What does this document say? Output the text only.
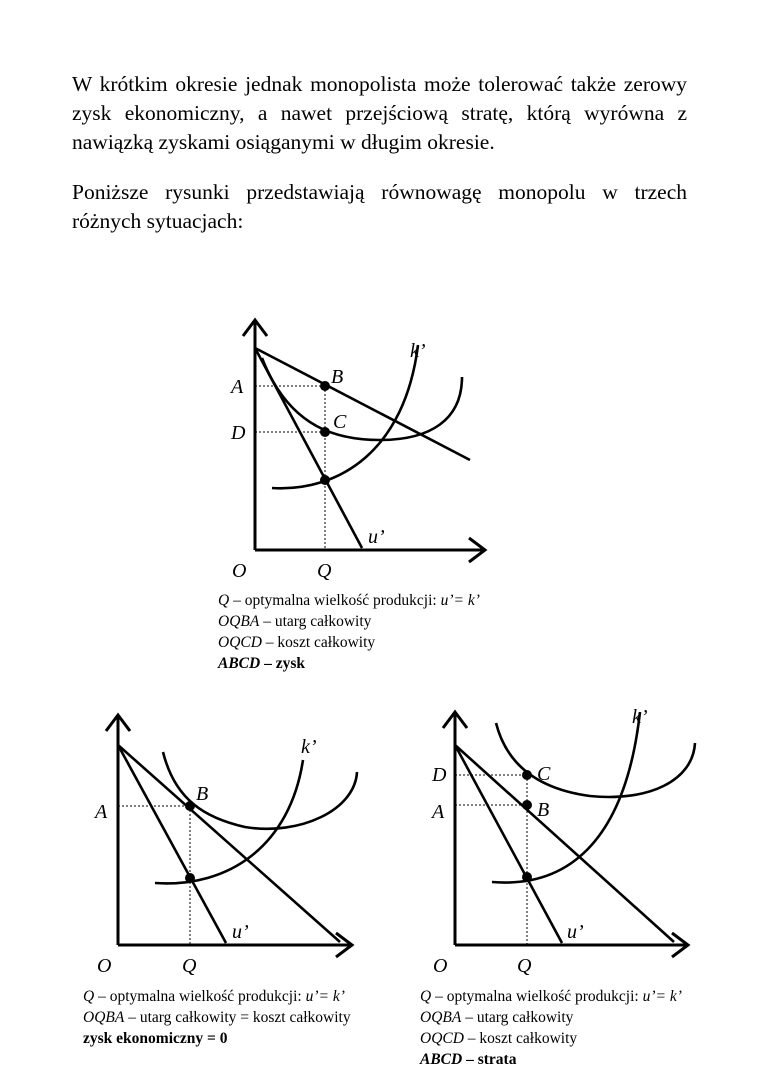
W krótkim okresie jednak monopolista może tolerować także zerowy zysk ekonomiczny, a nawet przejściową stratę, którą wyrówna z nawiązką zyskami osiąganymi w długim okresie.

Poniższe rysunki przedstawiają równowagę monopolu w trzech różnych sytuacjach:

k’
A	B
C
D
u’
O	Q
k’
A
B
u’
O	Q
k’
D	C
A	B
u’
O	Q
Q – optymalna wielkość produkcji: u’= k’
OQBA – utarg całkowity
OQCD – koszt całkowity
ABCD – zysk
Q – optymalna wielkość produkcji: u’= k’
OQBA – utarg całkowity = koszt całkowity
zysk ekonomiczny = 0
Q – optymalna wielkość produkcji: u’= k’
OQBA – utarg całkowity
OQCD – koszt całkowity
ABCD – strata
